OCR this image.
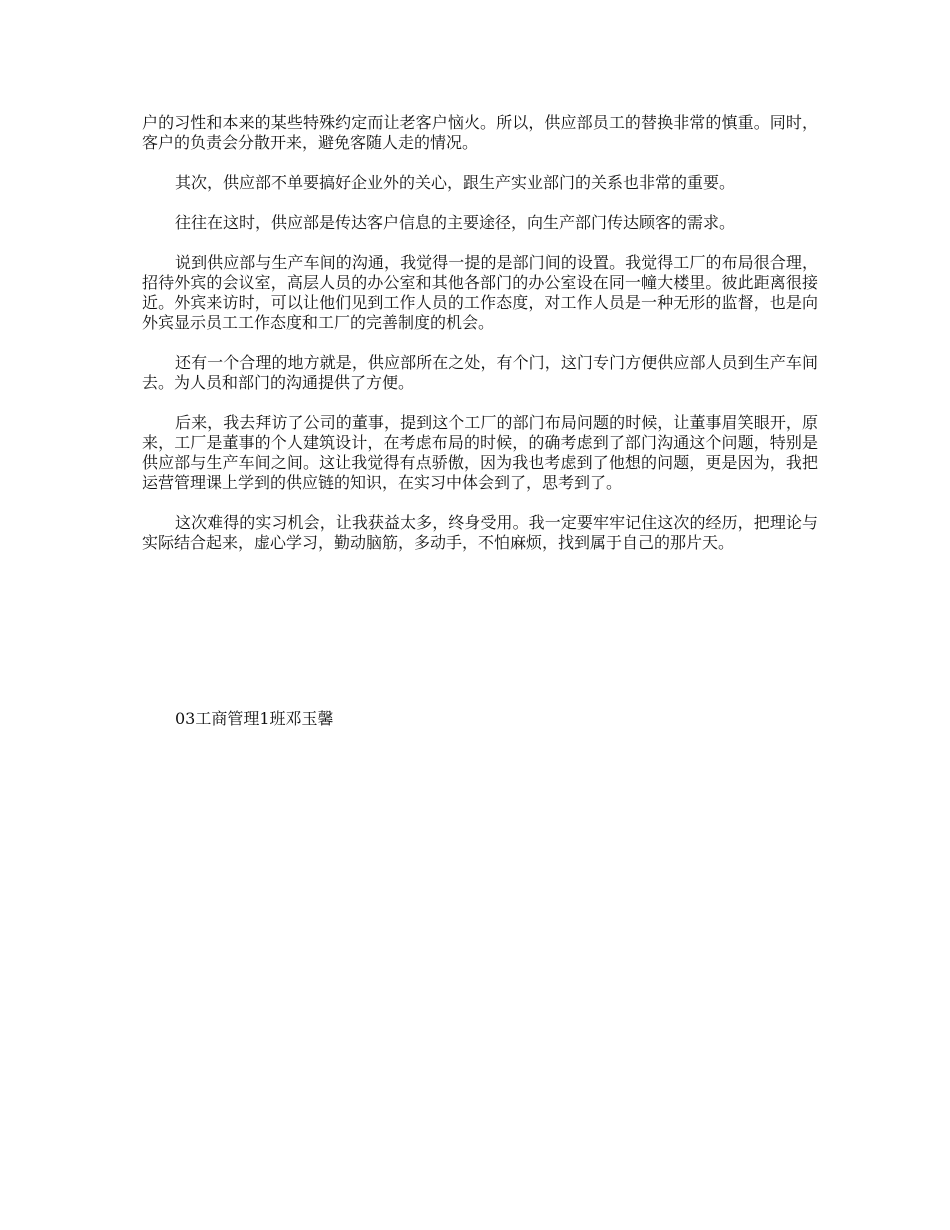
户的习性和本来的某些特殊约定而让老客户恼火。所以，供应部员工的替换非常的慎重。同时，客户的负责会分散开来，避免客随人走的情况。

其次，供应部不单要搞好企业外的关心，跟生产实业部门的关系也非常的重要。

往往在这时，供应部是传达客户信息的主要途径，向生产部门传达顾客的需求。

说到供应部与生产车间的沟通，我觉得一提的是部门间的设置。我觉得工厂的布局很合理，招待外宾的会议室，高层人员的办公室和其他各部门的办公室设在同一幢大楼里。彼此距离很接近。外宾来访时，可以让他们见到工作人员的工作态度，对工作人员是一种无形的监督，也是向外宾显示员工工作态度和工厂的完善制度的机会。

还有一个合理的地方就是，供应部所在之处，有个门，这门专门方便供应部人员到生产车间去。为人员和部门的沟通提供了方便。

后来，我去拜访了公司的董事，提到这个工厂的部门布局问题的时候，让董事眉笑眼开，原来，工厂是董事的个人建筑设计，在考虑布局的时候，的确考虑到了部门沟通这个问题，特别是供应部与生产车间之间。这让我觉得有点骄傲，因为我也考虑到了他想的问题，更是因为，我把运营管理课上学到的供应链的知识，在实习中体会到了，思考到了。

这次难得的实习机会，让我获益太多，终身受用。我一定要牢牢记住这次的经历，把理论与实际结合起来，虚心学习，勤动脑筋，多动手，不怕麻烦，找到属于自己的那片天。

03工商管理1班邓玉馨
